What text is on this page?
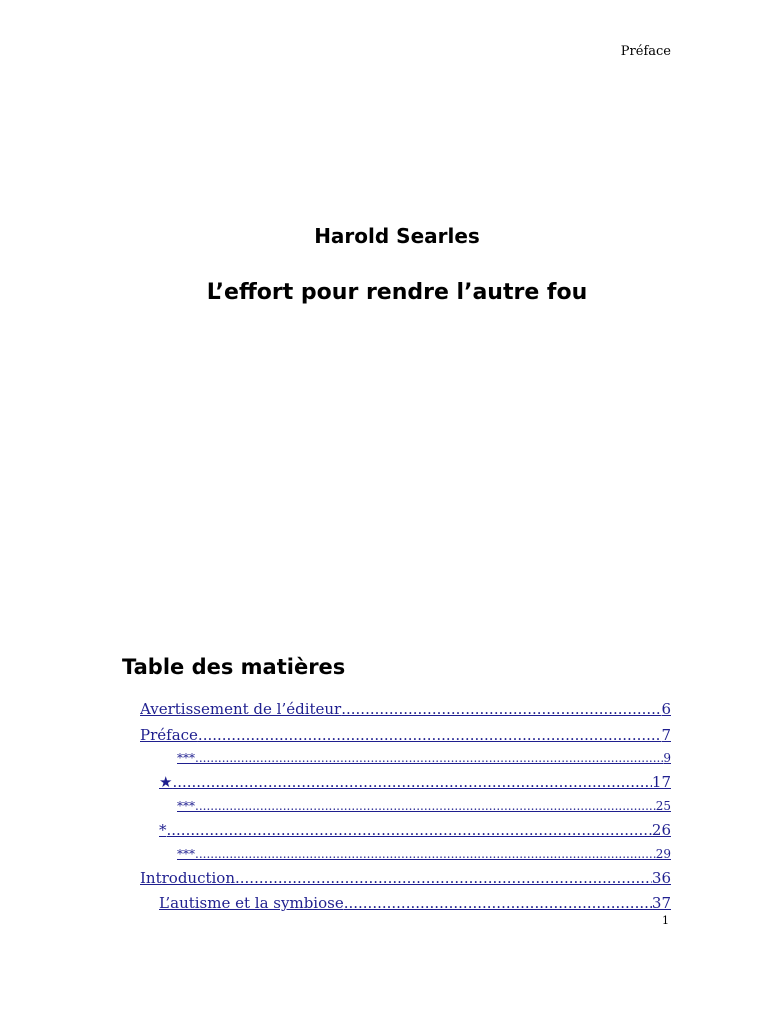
Préface
Harold Searles
L’effort pour rendre l’autre fou
Table des matières
Avertissement de l’éditeur .....	6
Préface .....	7
*** .....	9
★ .....	17
*** .....	25
* .....	26
*** .....	29
Introduction .....	36
L’autisme et la symbiose .....	37
1
